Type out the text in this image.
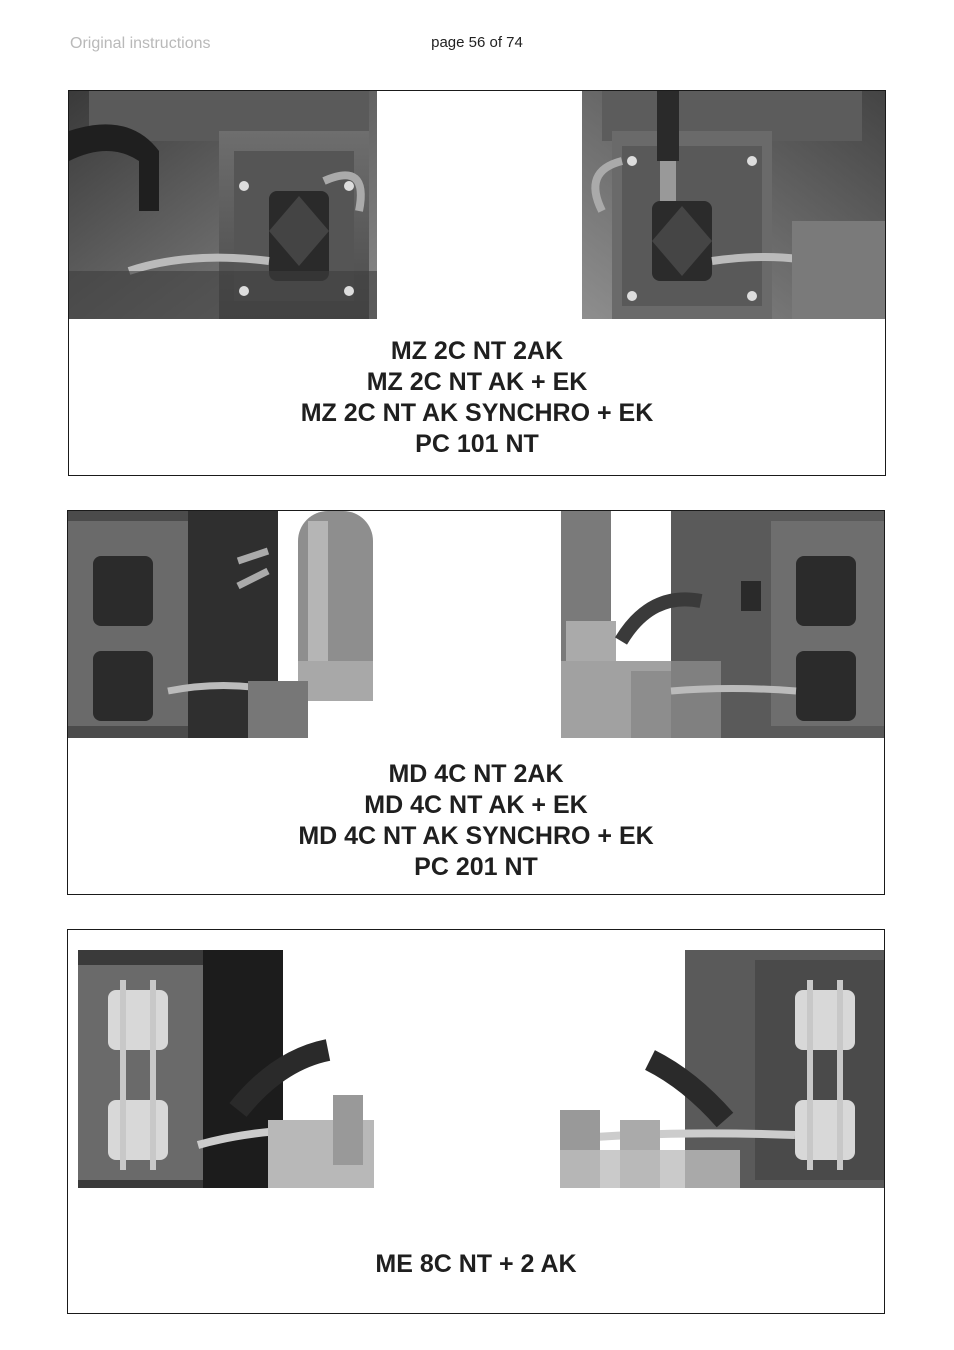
Original instructions	page 56 of 74
MZ 2C NT 2AK
MZ 2C NT AK + EK
MZ 2C NT AK SYNCHRO + EK
PC 101 NT
MD 4C NT 2AK
MD 4C NT AK + EK
MD 4C NT AK SYNCHRO + EK
PC 201 NT
ME 8C NT + 2 AK
